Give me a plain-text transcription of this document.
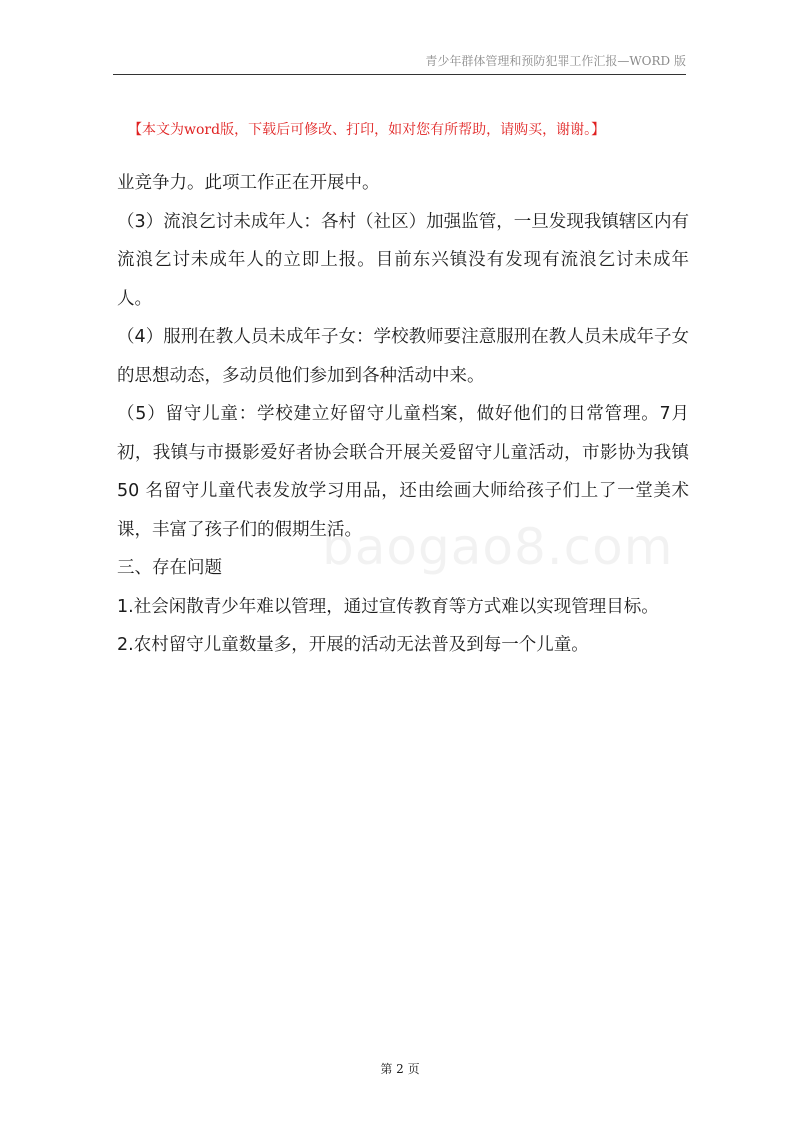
青少年群体管理和预防犯罪工作汇报—WORD 版
【本文为word版，下载后可修改、打印，如对您有所帮助，请购买，谢谢。】

业竞争力。此项工作正在开展中。

（3）流浪乞讨未成年人：各村（社区）加强监管，一旦发现我镇辖区内有流浪乞讨未成年人的立即上报。目前东兴镇没有发现有流浪乞讨未成年人。

（4）服刑在教人员未成年子女：学校教师要注意服刑在教人员未成年子女的思想动态，多动员他们参加到各种活动中来。

（5）留守儿童：学校建立好留守儿童档案，做好他们的日常管理。7月初，我镇与市摄影爱好者协会联合开展关爱留守儿童活动，市影协为我镇 50 名留守儿童代表发放学习用品，还由绘画大师给孩子们上了一堂美术课，丰富了孩子们的假期生活。

三、存在问题

1.社会闲散青少年难以管理，通过宣传教育等方式难以实现管理目标。

2.农村留守儿童数量多，开展的活动无法普及到每一个儿童。

baogao8.com
第 2 页
